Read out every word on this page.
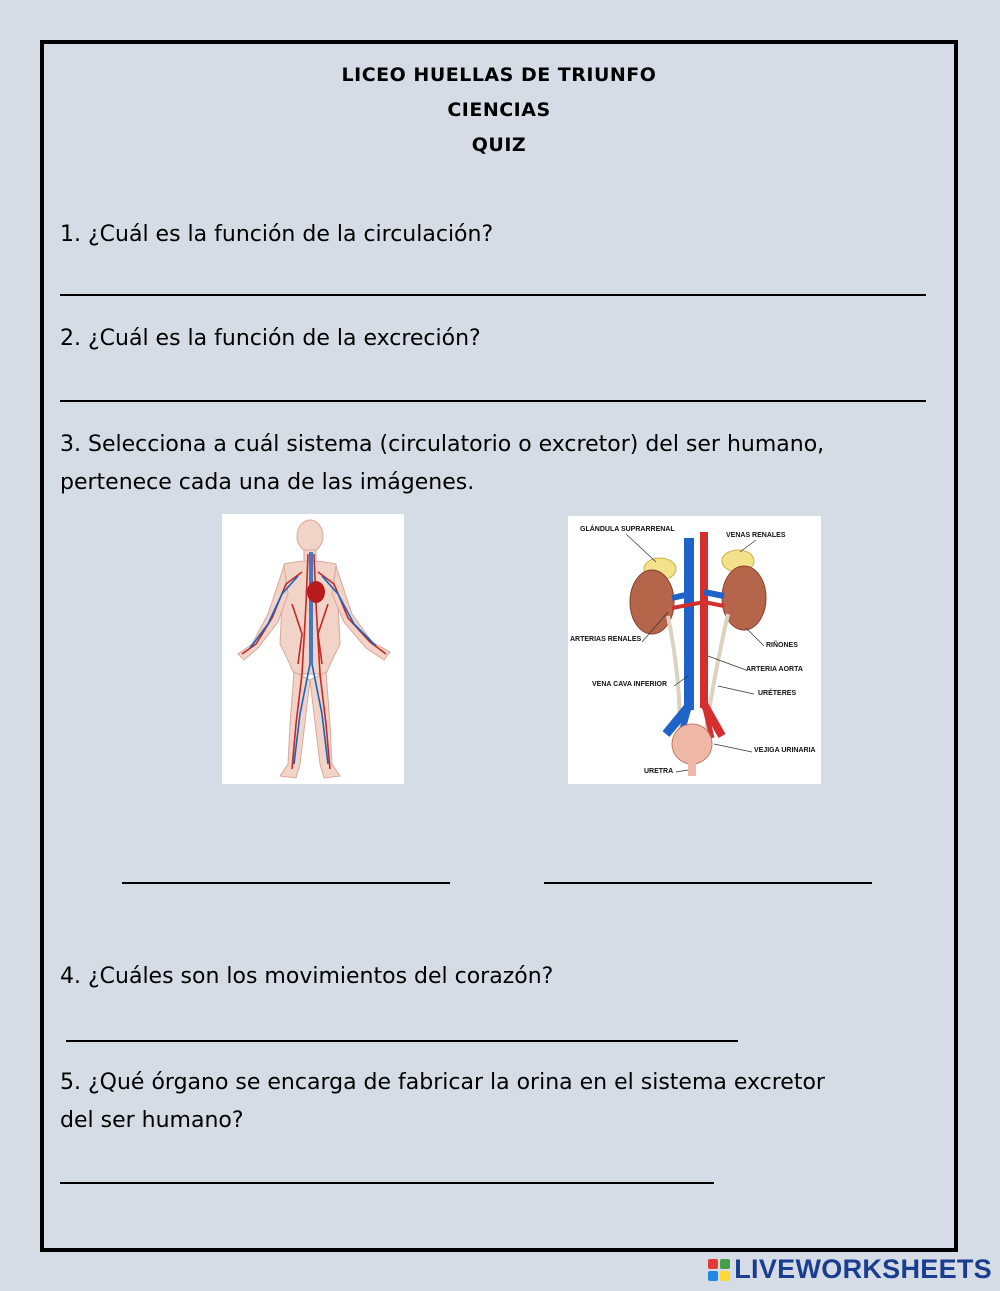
LICEO HUELLAS DE TRIUNFO
CIENCIAS
QUIZ
1. ¿Cuál es la función de la circulación?
2. ¿Cuál es la función de la excreción?
3. Selecciona a cuál sistema (circulatorio o excretor) del ser humano,
pertenece cada una de las imágenes.
GLÁNDULA SUPRARRENAL
VENAS RENALES
ARTERIAS RENALES
RIÑONES
ARTERIA AORTA
VENA CAVA INFERIOR
URÉTERES
VEJIGA URINARIA
URETRA
4. ¿Cuáles son los movimientos del corazón?
5. ¿Qué órgano se encarga de fabricar la orina en el sistema excretor
del ser humano?
LIVEWORKSHEETS
